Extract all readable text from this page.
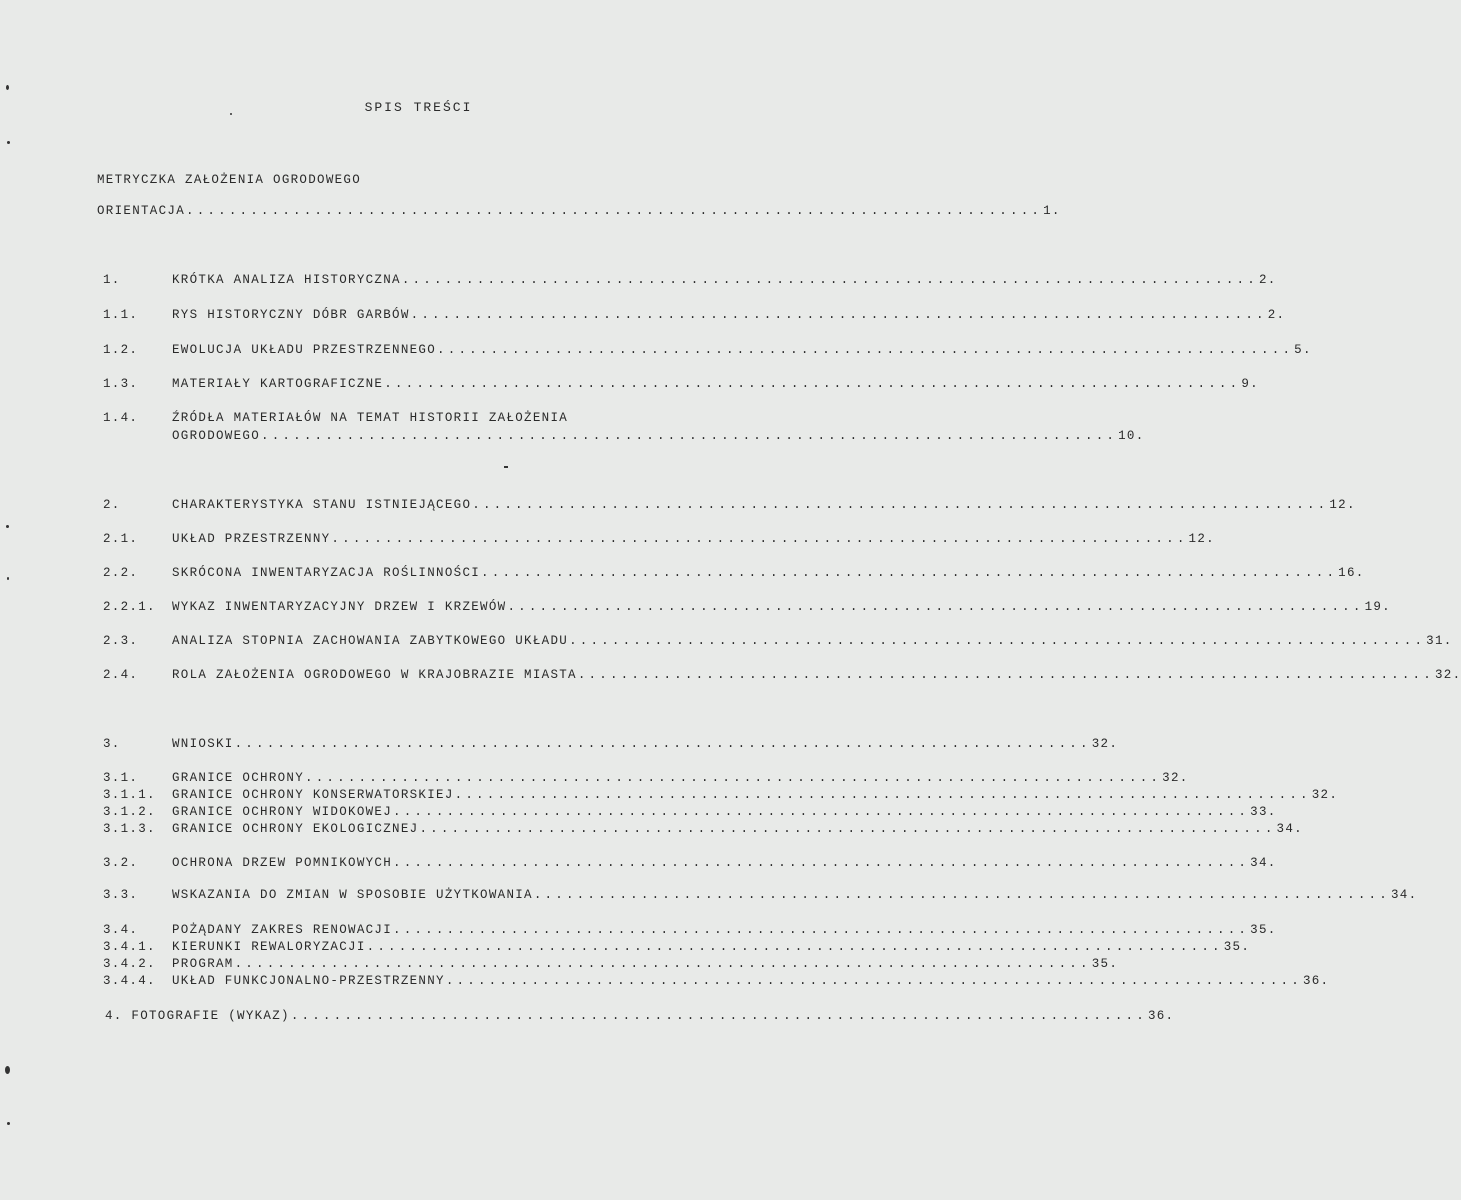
SPIS TREŚCI
METRYCZKA ZAŁOŻENIA OGRODOWEGO
ORIENTACJA ................................................................................ 1.
1.	KRÓTKA ANALIZA HISTORYCZNA ................................................................................ 2.
1.1.	RYS HISTORYCZNY DÓBR GARBÓW ................................................................................ 2.
1.2.	EWOLUCJA UKŁADU PRZESTRZENNEGO ................................................................................ 5.
1.3.	MATERIAŁY KARTOGRAFICZNE ................................................................................ 9.
1.4.	ŹRÓDŁA MATERIAŁÓW NA TEMAT HISTORII ZAŁOŻENIA
OGRODOWEGO ................................................................................ 10.
2.	CHARAKTERYSTYKA STANU ISTNIEJĄCEGO ................................................................................ 12.
2.1.	UKŁAD PRZESTRZENNY ................................................................................ 12.
2.2.	SKRÓCONA INWENTARYZACJA ROŚLINNOŚCI ................................................................................ 16.
2.2.1. WYKAZ INWENTARYZACYJNY DRZEW I KRZEWÓW ................................................................................ 19.
2.3.	ANALIZA STOPNIA ZACHOWANIA ZABYTKOWEGO UKŁADU ................................................................................ 31.
2.4.	ROLA ZAŁOŻENIA OGRODOWEGO W KRAJOBRAZIE MIASTA ................................................................................ 32.
3.	WNIOSKI ................................................................................ 32.
3.1.	GRANICE OCHRONY ................................................................................ 32.
3.1.1. GRANICE OCHRONY KONSERWATORSKIEJ ................................................................................ 32.
3.1.2. GRANICE OCHRONY WIDOKOWEJ ................................................................................ 33.
3.1.3. GRANICE OCHRONY EKOLOGICZNEJ ................................................................................ 34.
3.2.	OCHRONA DRZEW POMNIKOWYCH ................................................................................ 34.
3.3.	WSKAZANIA DO ZMIAN W SPOSOBIE UŻYTKOWANIA ................................................................................ 34.
3.4.	POŻĄDANY ZAKRES RENOWACJI ................................................................................ 35.
3.4.1. KIERUNKI REWALORYZACJI ................................................................................ 35.
3.4.2. PROGRAM ................................................................................ 35.
3.4.4. UKŁAD FUNKCJONALNO-PRZESTRZENNY ................................................................................ 36.
4. FOTOGRAFIE (WYKAZ) ................................................................................ 36.
